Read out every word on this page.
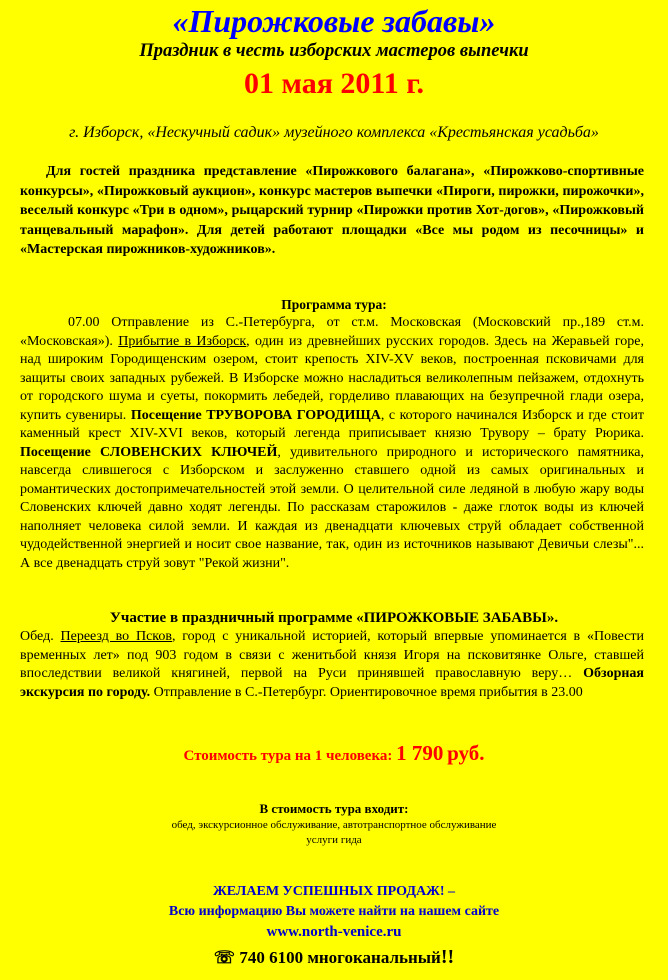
«Пирожковые забавы»
Праздник в честь изборских мастеров выпечки
01 мая 2011 г.
г. Изборск, «Нескучный садик» музейного комплекса «Крестьянская усадьба»
Для гостей праздника представление «Пирожкового балагана», «Пирожково-спортивные конкурсы», «Пирожковый аукцион», конкурс мастеров выпечки «Пироги, пирожки, пирожочки», веселый конкурс «Три в одном», рыцарский турнир «Пирожки против Хот-догов», «Пирожковый танцевальный марафон». Для детей работают площадки «Все мы родом из песочницы» и «Мастерская пирожников-художников».
Программа тура:
07.00 Отправление из С.-Петербурга, от ст.м. Московская (Московский пр.,189 ст.м. «Московская»). Прибытие в Изборск, один из древнейших русских городов. Здесь на Жеравьей горе, над широким Городищенским озером, стоит крепость XIV-XV веков, построенная псковичами для защиты своих западных рубежей. В Изборске можно насладиться великолепным пейзажем, отдохнуть от городского шума и суеты, покормить лебедей, горделиво плавающих на безупречной глади озера, купить сувениры. Посещение ТРУВОРОВА ГОРОДИЩА, с которого начинался Изборск и где стоит каменный крест XIV-XVI веков, который легенда приписывает князю Трувору – брату Рюрика. Посещение СЛОВЕНСКИХ КЛЮЧЕЙ, удивительного природного и исторического памятника, навсегда слившегося с Изборском и заслуженно ставшего одной из самых оригинальных и романтических достопримечательностей этой земли. О целительной силе ледяной в любую жару воды Словенских ключей давно ходят легенды. По рассказам старожилов - даже глоток воды из ключей наполняет человека силой земли. И каждая из двенадцати ключевых струй обладает собственной чудодейственной энергией и носит свое название, так, один из источников называют Девичьи слезы"... А все двенадцать струй зовут "Рекой жизни".
Участие в праздничный программе «ПИРОЖКОВЫЕ ЗАБАВЫ».
Обед. Переезд во Псков, город с уникальной историей, который впервые упоминается в «Повести временных лет» под 903 годом в связи с женитьбой князя Игоря на псковитянке Ольге, ставшей впоследствии великой княгиней, первой на Руси принявшей православную веру… Обзорная экскурсия по городу. Отправление в С.-Петербург. Ориентировочное время прибытия в 23.00
Стоимость тура на 1 человека: 1 790 руб.
В стоимость тура входит:
обед, экскурсионное обслуживание, автотранспортное обслуживание
услуги гида
ЖЕЛАЕМ УСПЕШНЫХ ПРОДАЖ! –
Всю информацию Вы можете найти на нашем сайте
www.north-venice.ru
☏ 740 6100 многоканальный!!
